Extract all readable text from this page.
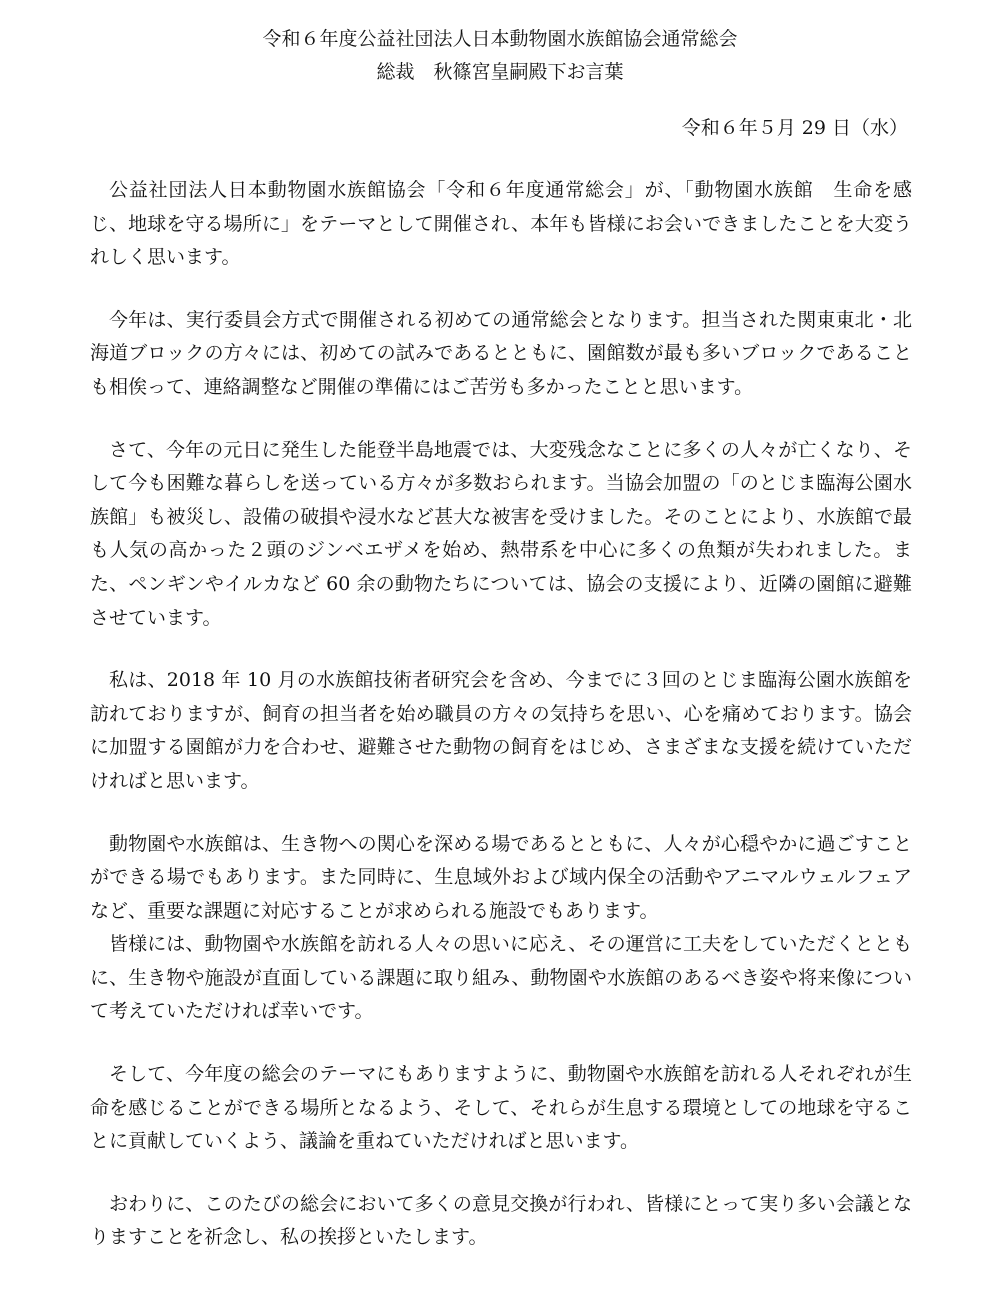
令和６年度公益社団法人日本動物園水族館協会通常総会
総裁　秋篠宮皇嗣殿下お言葉

令和６年５月 29 日（水）

公益社団法人日本動物園水族館協会「令和６年度通常総会」が、「動物園水族館　生命を感じ、地球を守る場所に」をテーマとして開催され、本年も皆様にお会いできましたことを大変うれしく思います。

今年は、実行委員会方式で開催される初めての通常総会となります。担当された関東東北・北海道ブロックの方々には、初めての試みであるとともに、園館数が最も多いブロックであることも相俟って、連絡調整など開催の準備にはご苦労も多かったことと思います。

さて、今年の元日に発生した能登半島地震では、大変残念なことに多くの人々が亡くなり、そして今も困難な暮らしを送っている方々が多数おられます。当協会加盟の「のとじま臨海公園水族館」も被災し、設備の破損や浸水など甚大な被害を受けました。そのことにより、水族館で最も人気の高かった２頭のジンベエザメを始め、熱帯系を中心に多くの魚類が失われました。また、ペンギンやイルカなど 60 余の動物たちについては、協会の支援により、近隣の園館に避難させています。

私は、2018 年 10 月の水族館技術者研究会を含め、今までに３回のとじま臨海公園水族館を訪れておりますが、飼育の担当者を始め職員の方々の気持ちを思い、心を痛めております。協会に加盟する園館が力を合わせ、避難させた動物の飼育をはじめ、さまざまな支援を続けていただければと思います。

動物園や水族館は、生き物への関心を深める場であるとともに、人々が心穏やかに過ごすことができる場でもあります。また同時に、生息域外および域内保全の活動やアニマルウェルフェアなど、重要な課題に対応することが求められる施設でもあります。

皆様には、動物園や水族館を訪れる人々の思いに応え、その運営に工夫をしていただくとともに、生き物や施設が直面している課題に取り組み、動物園や水族館のあるべき姿や将来像について考えていただければ幸いです。

そして、今年度の総会のテーマにもありますように、動物園や水族館を訪れる人それぞれが生命を感じることができる場所となるよう、そして、それらが生息する環境としての地球を守ることに貢献していくよう、議論を重ねていただければと思います。

おわりに、このたびの総会において多くの意見交換が行われ、皆様にとって実り多い会議となりますことを祈念し、私の挨拶といたします。
